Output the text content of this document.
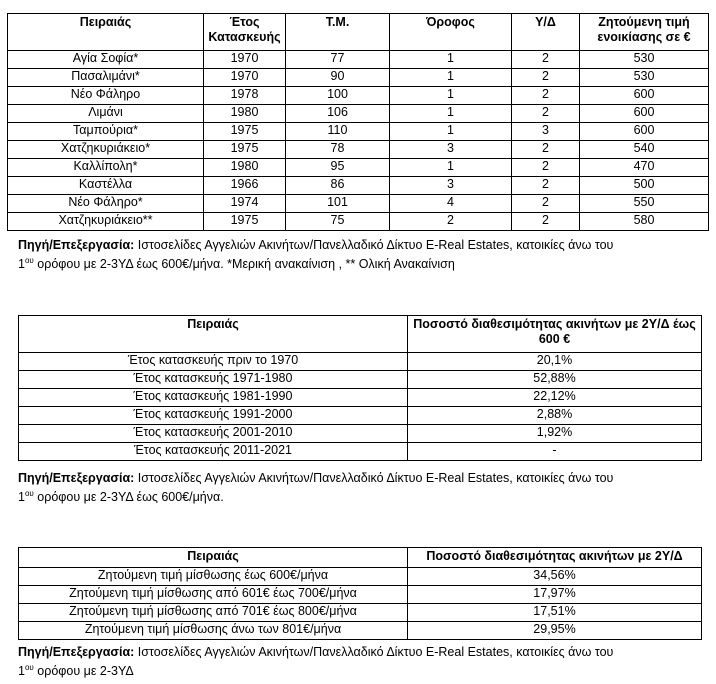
Πειραιάς	Έτος Κατασκευής	Τ.Μ.	Όροφος	Υ/Δ	Ζητούμενη τιμή ενοικίασης σε €
Αγία Σοφία*	1970	77	1	2	530
Πασαλιμάνι*	1970	90	1	2	530
Νέο Φάληρο	1978	100	1	2	600
Λιμάνι	1980	106	1	2	600
Ταμπούρια*	1975	110	1	3	600
Χατζηκυριάκειο*	1975	78	3	2	540
Καλλίπολη*	1980	95	1	2	470
Καστέλλα	1966	86	3	2	500
Νέο Φάληρο*	1974	101	4	2	550
Χατζηκυριάκειο**	1975	75	2	2	580
Πηγή/Επεξεργασία: Ιστοσελίδες Αγγελιών Ακινήτων/Πανελλαδικό Δίκτυο E-Real Estates, κατοικίες άνω του
$1^{o\upsilon}$ ορόφου με 2-3ΥΔ έως 600€/μήνα. *Μερική ανακαίνιση , ** Ολική Ανακαίνιση
Πειραιάς	Ποσοστό διαθεσιμότητας ακινήτων με 2Υ/Δ έως 600 €
Έτος κατασκευής πριν το 1970	20,1%
Έτος κατασκευής 1971-1980	52,88%
Έτος κατασκευής 1981-1990	22,12%
Έτος κατασκευής 1991-2000	2,88%
Έτος κατασκευής 2001-2010	1,92%
Έτος κατασκευής 2011-2021	-
Πηγή/Επεξεργασία: Ιστοσελίδες Αγγελιών Ακινήτων/Πανελλαδικό Δίκτυο E-Real Estates, κατοικίες άνω του
$1^{o\upsilon}$ ορόφου με 2-3ΥΔ έως 600€/μήνα.
Πειραιάς	Ποσοστό διαθεσιμότητας ακινήτων με 2Υ/Δ
Ζητούμενη τιμή μίσθωσης έως 600€/μήνα	34,56%
Ζητούμενη τιμή μίσθωσης από 601€ έως 700€/μήνα	17,97%
Ζητούμενη τιμή μίσθωσης από 701€ έως 800€/μήνα	17,51%
Ζητούμενη τιμή μίσθωσης άνω των 801€/μήνα	29,95%
Πηγή/Επεξεργασία: Ιστοσελίδες Αγγελιών Ακινήτων/Πανελλαδικό Δίκτυο E-Real Estates, κατοικίες άνω του
$1^{o\upsilon}$ ορόφου με 2-3ΥΔ
